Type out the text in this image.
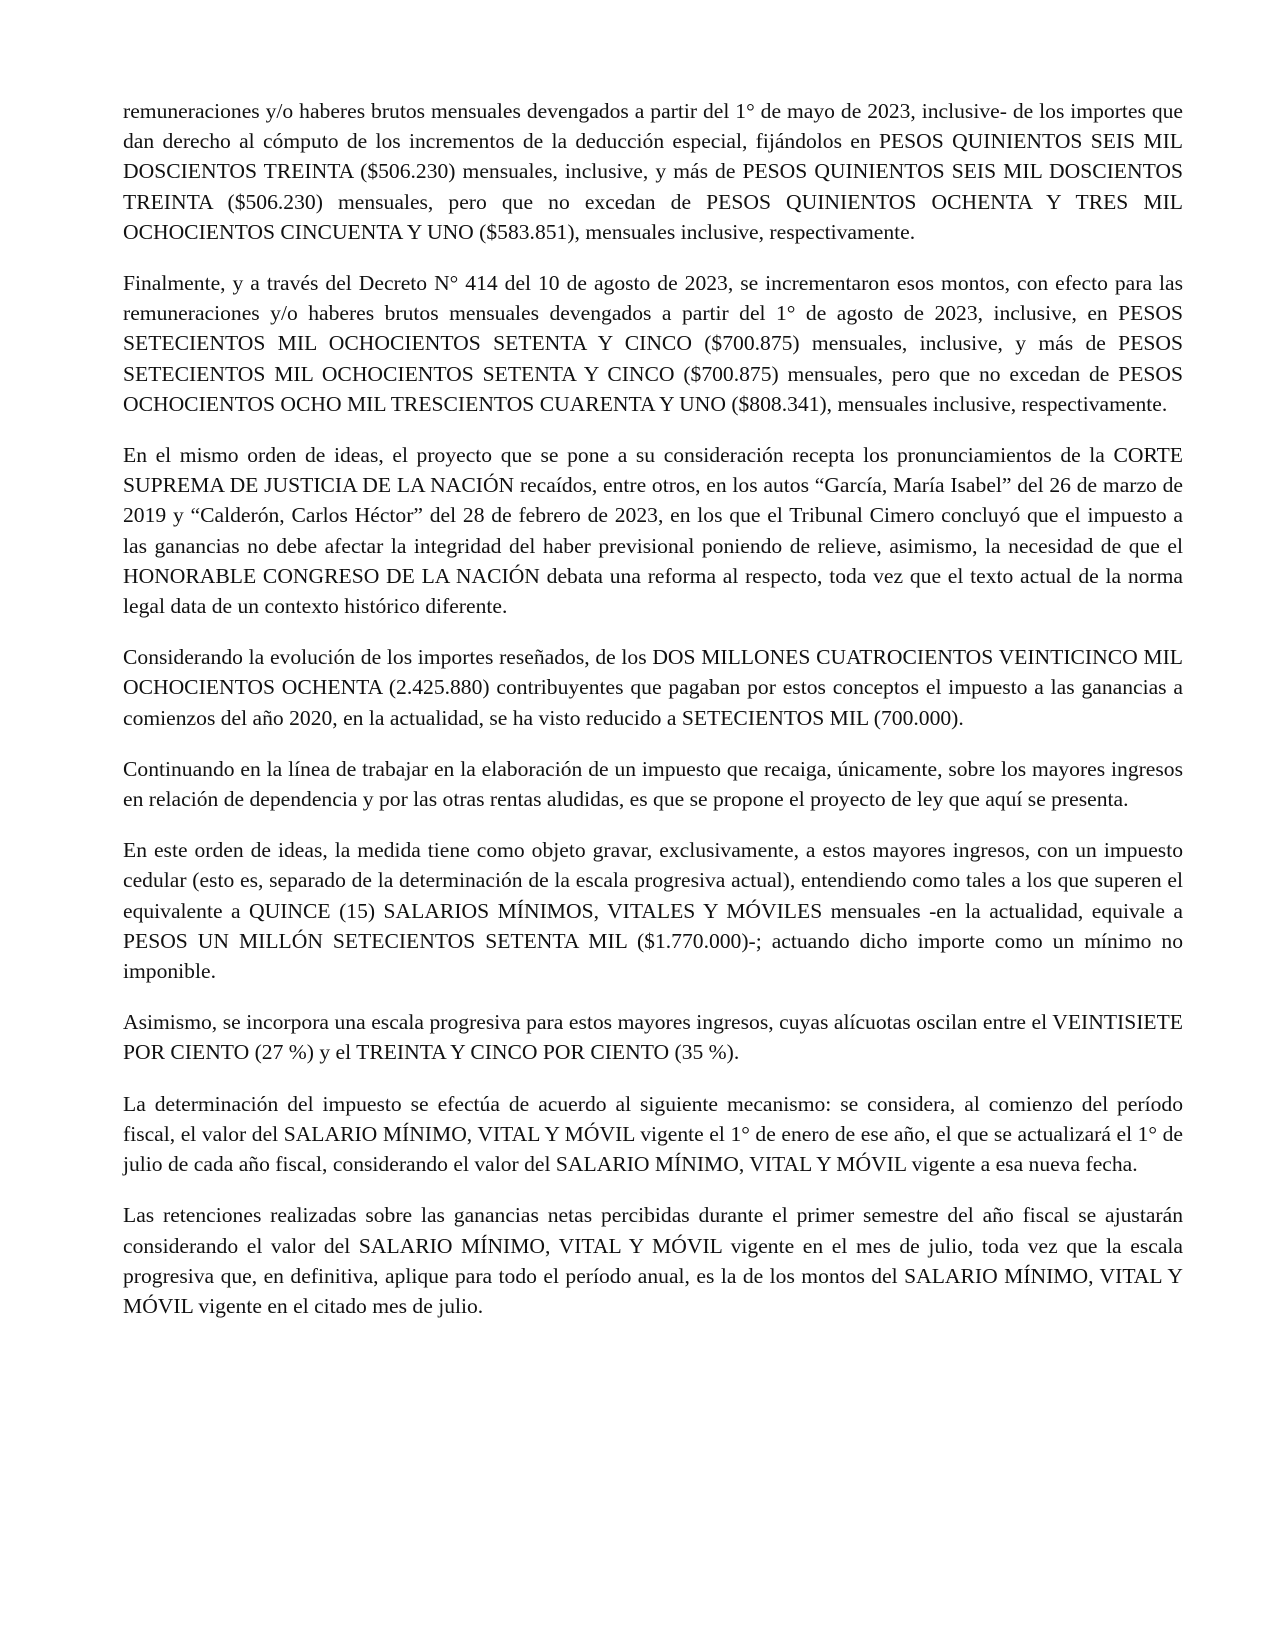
remuneraciones y/o haberes brutos mensuales devengados a partir del 1° de mayo de 2023, inclusive- de los importes que dan derecho al cómputo de los incrementos de la deducción especial, fijándolos en PESOS QUINIENTOS SEIS MIL DOSCIENTOS TREINTA ($506.230) mensuales, inclusive, y más de PESOS QUINIENTOS SEIS MIL DOSCIENTOS TREINTA ($506.230) mensuales, pero que no excedan de PESOS QUINIENTOS OCHENTA Y TRES MIL OCHOCIENTOS CINCUENTA Y UNO ($583.851), mensuales inclusive, respectivamente.

Finalmente, y a través del Decreto N° 414 del 10 de agosto de 2023, se incrementaron esos montos, con efecto para las remuneraciones y/o haberes brutos mensuales devengados a partir del 1° de agosto de 2023, inclusive, en PESOS SETECIENTOS MIL OCHOCIENTOS SETENTA Y CINCO ($700.875) mensuales, inclusive, y más de PESOS SETECIENTOS MIL OCHOCIENTOS SETENTA Y CINCO ($700.875) mensuales, pero que no excedan de PESOS OCHOCIENTOS OCHO MIL TRESCIENTOS CUARENTA Y UNO ($808.341), mensuales inclusive, respectivamente.

En el mismo orden de ideas, el proyecto que se pone a su consideración recepta los pronunciamientos de la CORTE SUPREMA DE JUSTICIA DE LA NACIÓN recaídos, entre otros, en los autos “García, María Isabel” del 26 de marzo de 2019 y “Calderón, Carlos Héctor” del 28 de febrero de 2023, en los que el Tribunal Cimero concluyó que el impuesto a las ganancias no debe afectar la integridad del haber previsional poniendo de relieve, asimismo, la necesidad de que el HONORABLE CONGRESO DE LA NACIÓN debata una reforma al respecto, toda vez que el texto actual de la norma legal data de un contexto histórico diferente.

Considerando la evolución de los importes reseñados, de los DOS MILLONES CUATROCIENTOS VEINTICINCO MIL OCHOCIENTOS OCHENTA (2.425.880) contribuyentes que pagaban por estos conceptos el impuesto a las ganancias a comienzos del año 2020, en la actualidad, se ha visto reducido a SETECIENTOS MIL (700.000).

Continuando en la línea de trabajar en la elaboración de un impuesto que recaiga, únicamente, sobre los mayores ingresos en relación de dependencia y por las otras rentas aludidas, es que se propone el proyecto de ley que aquí se presenta.

En este orden de ideas, la medida tiene como objeto gravar, exclusivamente, a estos mayores ingresos, con un impuesto cedular (esto es, separado de la determinación de la escala progresiva actual), entendiendo como tales a los que superen el equivalente a QUINCE (15) SALARIOS MÍNIMOS, VITALES Y MÓVILES mensuales -en la actualidad, equivale a PESOS UN MILLÓN SETECIENTOS SETENTA MIL ($1.770.000)-; actuando dicho importe como un mínimo no imponible.

Asimismo, se incorpora una escala progresiva para estos mayores ingresos, cuyas alícuotas oscilan entre el VEINTISIETE POR CIENTO (27 %) y el TREINTA Y CINCO POR CIENTO (35 %).

La determinación del impuesto se efectúa de acuerdo al siguiente mecanismo: se considera, al comienzo del período fiscal, el valor del SALARIO MÍNIMO, VITAL Y MÓVIL vigente el 1° de enero de ese año, el que se actualizará el 1° de julio de cada año fiscal, considerando el valor del SALARIO MÍNIMO, VITAL Y MÓVIL vigente a esa nueva fecha.

Las retenciones realizadas sobre las ganancias netas percibidas durante el primer semestre del año fiscal se ajustarán considerando el valor del SALARIO MÍNIMO, VITAL Y MÓVIL vigente en el mes de julio, toda vez que la escala progresiva que, en definitiva, aplique para todo el período anual, es la de los montos del SALARIO MÍNIMO, VITAL Y MÓVIL vigente en el citado mes de julio.
